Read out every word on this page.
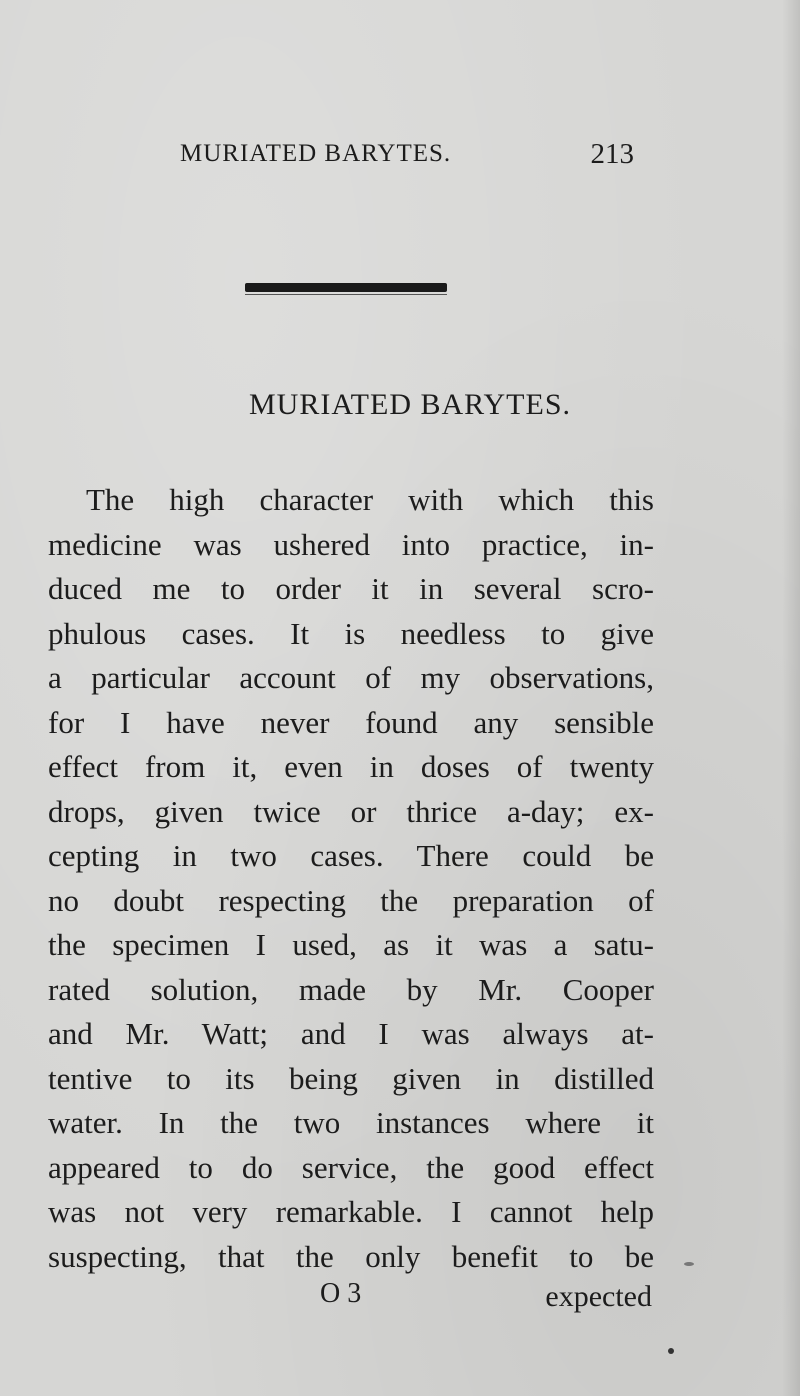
MURIATED BARYTES.	213
MURIATED BARYTES.
The high character with which this
medicine was ushered into practice, in-
duced me to order it in several scro-
phulous cases. It is needless to give
a particular account of my observations,
for I have never found any sensible
effect from it, even in doses of twenty
drops, given twice or thrice a-day; ex-
cepting in two cases. There could be
no doubt respecting the preparation of
the specimen I used, as it was a satu-
rated solution, made by Mr. Cooper
and Mr. Watt; and I was always at-
tentive to its being given in distilled
water. In the two instances where it
appeared to do service, the good effect
was not very remarkable. I cannot help
suspecting, that the only benefit to be
O 3	expected
